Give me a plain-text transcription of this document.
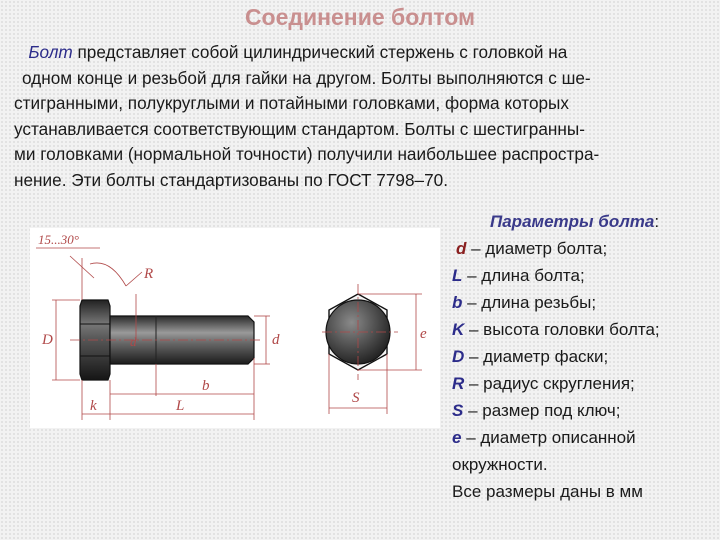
Соединение болтом
Болт представляет собой цилиндрический стержень с головкой на
одном конце и резьбой для гайки на другом. Болты выполняются с ше-
стигранными, полукруглыми и потайными головками, форма которых
устанавливается соответствующим стандартом. Болты с шестигранны-
ми головками (нормальной точности) получили наибольшее распростра-
нение. Эти болты стандартизованы по ГОСТ 7798–70.
15...30°
R
D	d	d
b
k	L	S
e
Параметры болта:
d – диаметр болта;
L – длина болта;
b – длина резьбы;
K – высота головки болта;
D – диаметр фаски;
R – радиус скругления;
S – размер под ключ;
e – диаметр описанной
окружности.
Все размеры даны в мм
